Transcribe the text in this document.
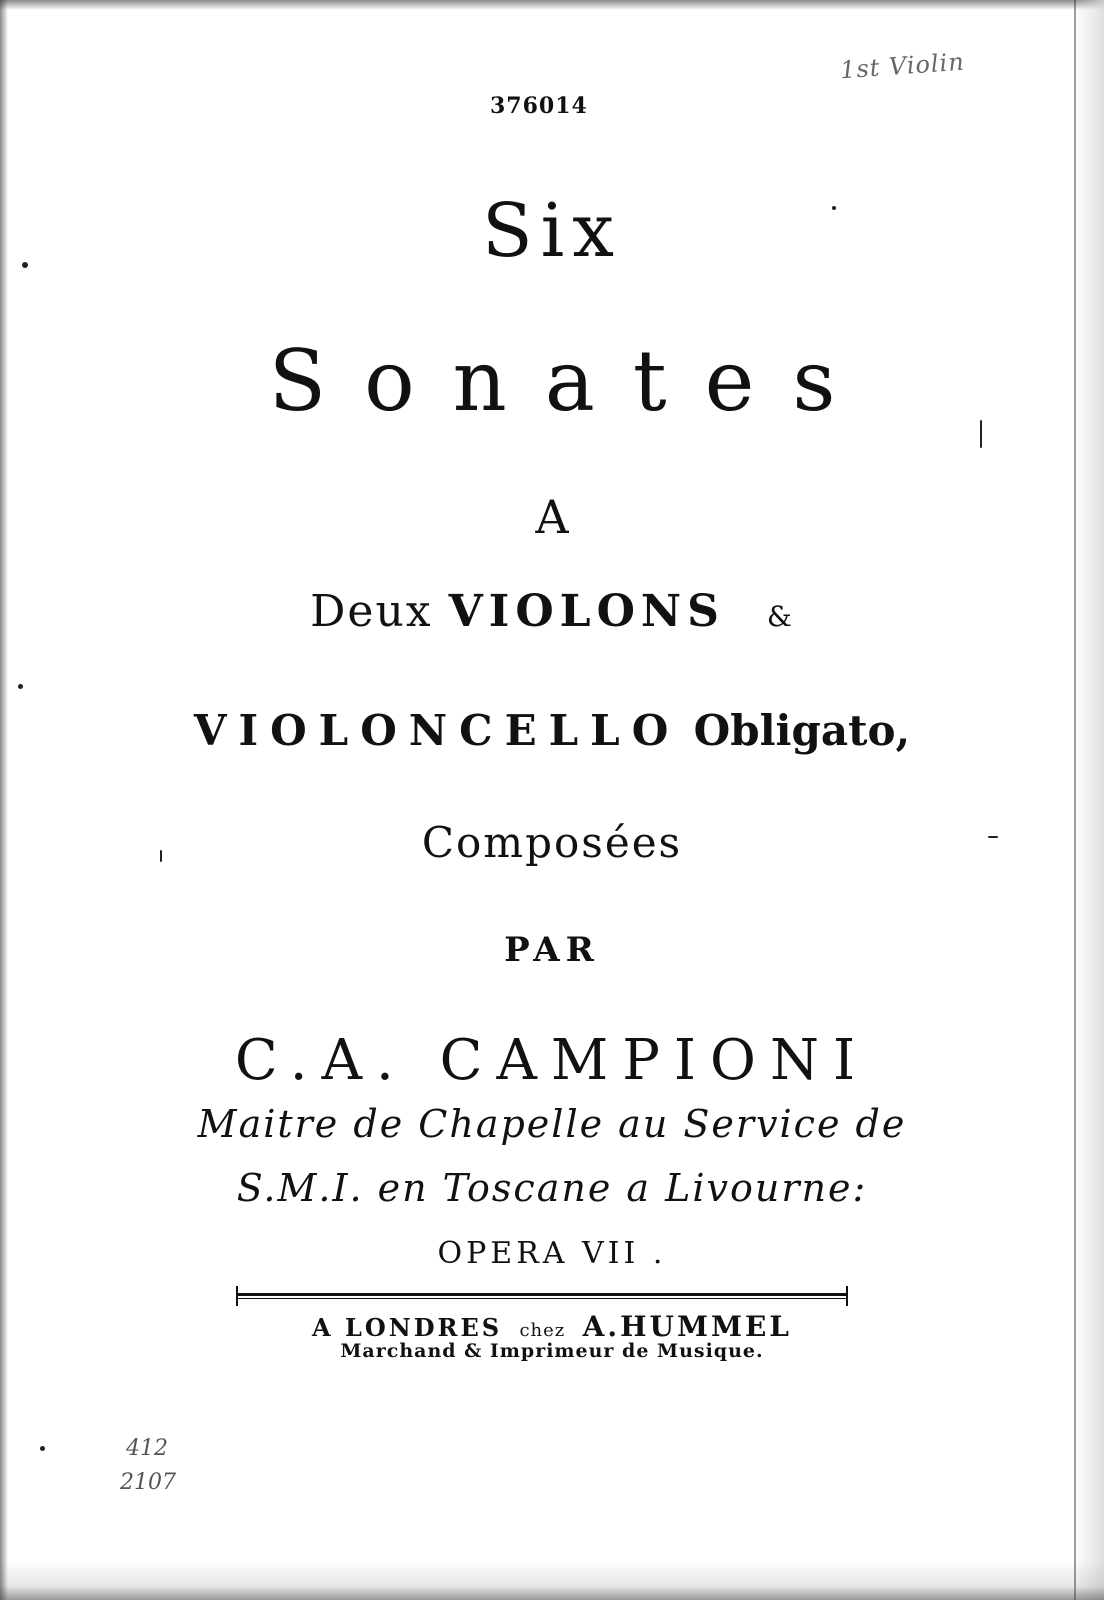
1st Violin
376014
Six
Sonates
A
Deux VIOLONS &
VIOLONCELLO Obligato,
Composées
PAR
C.A. CAMPIONI
Maitre de Chapelle au Service de
S.M.I. en Toscane a Livourne:
OPERA VII .
A LONDRES chez A.HUMMEL
Marchand & Imprimeur de Musique.
412
2107
